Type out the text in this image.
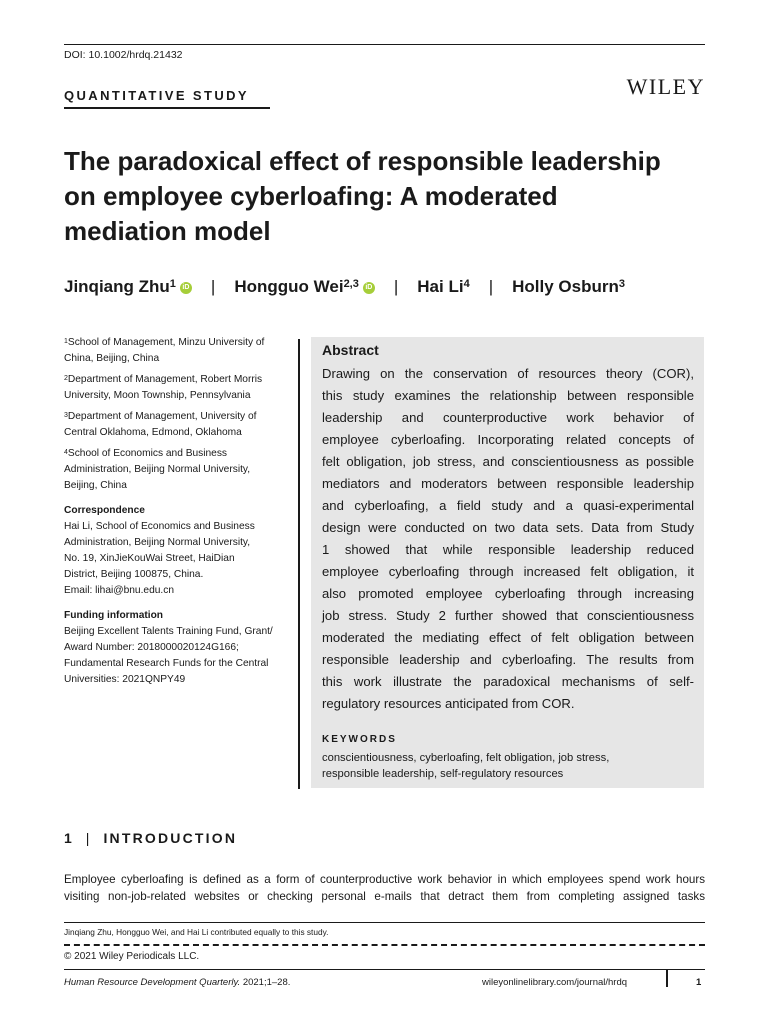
DOI: 10.1002/hrdq.21432
QUANTITATIVE STUDY	WILEY
The paradoxical effect of responsible leadership
on employee cyberloafing: A moderated
mediation model
Jinqiang Zhu$^1$ iD | Hongguo Wei$^{2,3}$ iD | Hai Li$^4$ | Holly Osburn$^3$
$^1$School of Management, Minzu University of
China, Beijing, China
$^2$Department of Management, Robert Morris
University, Moon Township, Pennsylvania
$^3$Department of Management, University of
Central Oklahoma, Edmond, Oklahoma
$^4$School of Economics and Business
Administration, Beijing Normal University,
Beijing, China
Correspondence
Hai Li, School of Economics and Business
Administration, Beijing Normal University,
No. 19, XinJieKouWai Street, HaiDian
District, Beijing 100875, China.
Email: lihai@bnu.edu.cn
Funding information
Beijing Excellent Talents Training Fund, Grant/
Award Number: 2018000020124G166;
Fundamental Research Funds for the Central
Universities: 2021QNPY49
Abstract
Drawing on the conservation of resources theory (COR),
this study examines the relationship between responsible
leadership and counterproductive work behavior of
employee cyberloafing. Incorporating related concepts of
felt obligation, job stress, and conscientiousness as possible
mediators and moderators between responsible leadership
and cyberloafing, a field study and a quasi-experimental
design were conducted on two data sets. Data from Study
1 showed that while responsible leadership reduced
employee cyberloafing through increased felt obligation, it
also promoted employee cyberloafing through increasing
job stress. Study 2 further showed that conscientiousness
moderated the mediating effect of felt obligation between
responsible leadership and cyberloafing. The results from
this work illustrate the paradoxical mechanisms of self-
regulatory resources anticipated from COR.
KEYWORDS
conscientiousness, cyberloafing, felt obligation, job stress,
responsible leadership, self-regulatory resources
1 | INTRODUCTION
Employee cyberloafing is defined as a form of counterproductive work behavior in which employees spend work hours
visiting non-job-related websites or checking personal e-mails that detract them from completing assigned tasks
Jinqiang Zhu, Hongguo Wei, and Hai Li contributed equally to this study.
© 2021 Wiley Periodicals LLC.
Human Resource Development Quarterly. 2021;1–28.	wileyonlinelibrary.com/journal/hrdq	1
